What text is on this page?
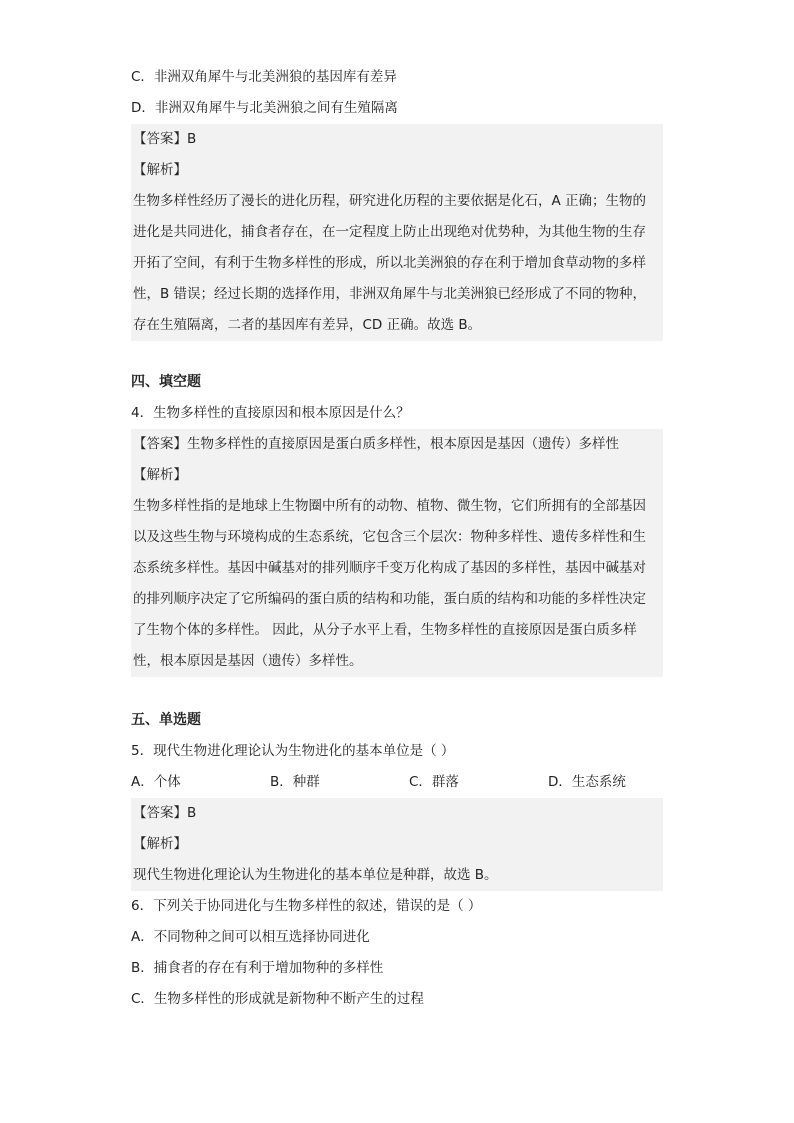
C．非洲双角犀牛与北美洲狼的基因库有差异
D．非洲双角犀牛与北美洲狼之间有生殖隔离
【答案】B
【解析】
生物多样性经历了漫长的进化历程，研究进化历程的主要依据是化石，A 正确；生物的
进化是共同进化，捕食者存在，在一定程度上防止出现绝对优势种，为其他生物的生存
开拓了空间，有利于生物多样性的形成，所以北美洲狼的存在利于增加食草动物的多样
性，B 错误；经过长期的选择作用，非洲双角犀牛与北美洲狼已经形成了不同的物种，
存在生殖隔离，二者的基因库有差异，CD 正确。故选 B。
四、填空题
4．生物多样性的直接原因和根本原因是什么？
【答案】生物多样性的直接原因是蛋白质多样性，根本原因是基因（遗传）多样性
【解析】
生物多样性指的是地球上生物圈中所有的动物、植物、微生物，它们所拥有的全部基因
以及这些生物与环境构成的生态系统，它包含三个层次：物种多样性、遗传多样性和生
态系统多样性。基因中碱基对的排列顺序千变万化构成了基因的多样性，基因中碱基对
的排列顺序决定了它所编码的蛋白质的结构和功能，蛋白质的结构和功能的多样性决定
了生物个体的多样性。 因此，从分子水平上看，生物多样性的直接原因是蛋白质多样
性，根本原因是基因（遗传）多样性。
五、单选题
5．现代生物进化理论认为生物进化的基本单位是（ ）
A．个体	B．种群	C．群落	D．生态系统
【答案】B
【解析】
现代生物进化理论认为生物进化的基本单位是种群，故选 B。
6．下列关于协同进化与生物多样性的叙述，错误的是（ ）
A．不同物种之间可以相互选择协同进化
B．捕食者的存在有利于增加物种的多样性
C．生物多样性的形成就是新物种不断产生的过程
